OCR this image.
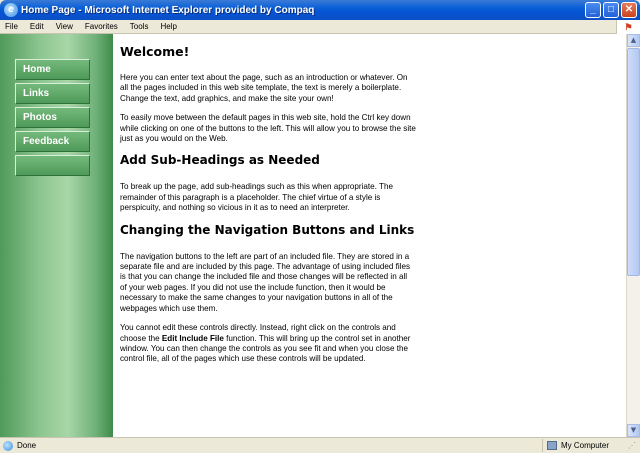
e Home Page - Microsoft Internet Explorer provided by Compaq	_	□	✕
File	Edit	View	Favorites	Tools	Help	⚑
Home
Links
Photos
Feedback
Welcome!

Here you can enter text about the page, such as an introduction or whatever. On all the pages included in this web site template, the text is merely a boilerplate. Change the text, add graphics, and make the site your own!

To easily move between the default pages in this web site, hold the Ctrl key down while clicking on one of the buttons to the left. This will allow you to browse the site just as you would on the Web.

Add Sub-Headings as Needed

To break up the page, add sub-headings such as this when appropriate. The remainder of this paragraph is a placeholder. The chief virtue of a style is perspicuity, and nothing so vicious in it as to need an interpreter.

Changing the Navigation Buttons and Links

The navigation buttons to the left are part of an included file. They are stored in a separate file and are included by this page. The advantage of using included files is that you can change the included file and those changes will be reflected in all of your web pages. If you did not use the include function, then it would be necessary to make the same changes to your navigation buttons in all of the webpages which use them.

You cannot edit these controls directly. Instead, right click on the controls and choose the Edit Include File function. This will bring up the control set in another window. You can then change the controls as you see fit and when you close the control file, all of the pages which use these controls will be updated.

▲
▼
Done	My Computer ⋰
